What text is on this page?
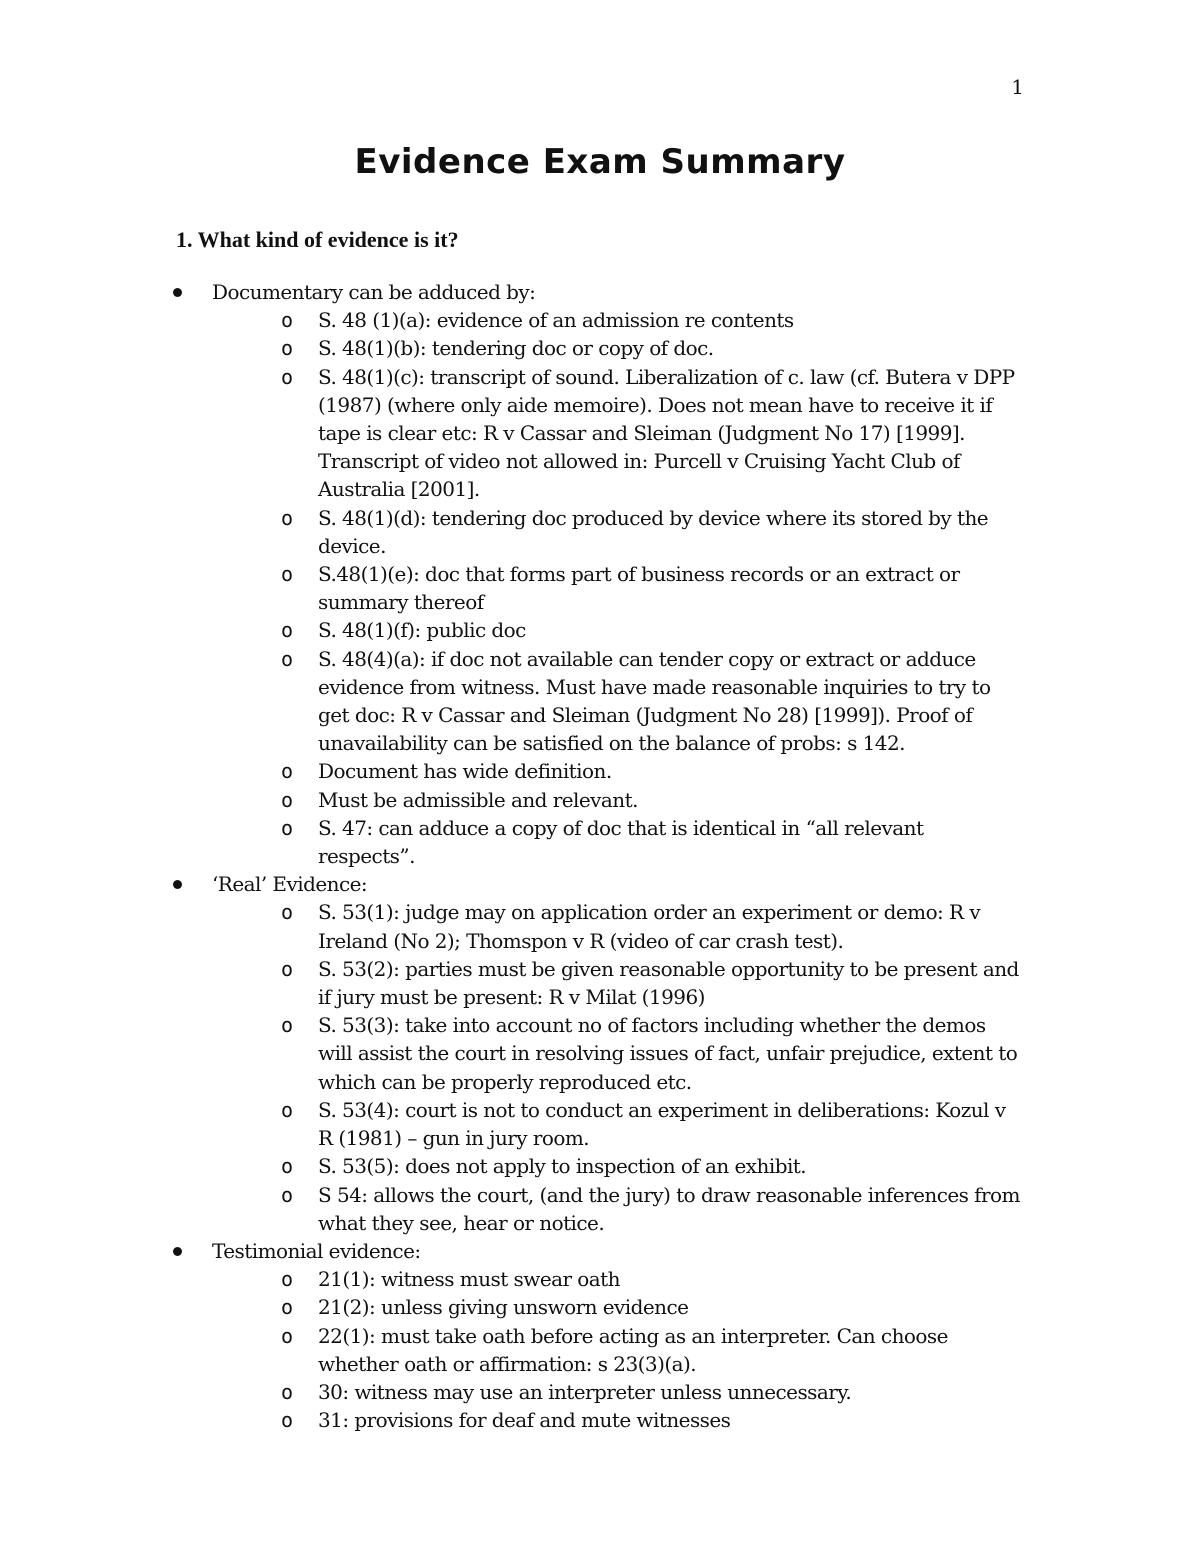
1
Evidence Exam Summary
1. What kind of evidence is it?
Documentary can be adduced by:
o S. 48 (1)(a): evidence of an admission re contents
o S. 48(1)(b): tendering doc or copy of doc.
o S. 48(1)(c): transcript of sound. Liberalization of c. law (cf. Butera v DPP (1987) (where only aide memoire). Does not mean have to receive it if tape is clear etc: R v Cassar and Sleiman (Judgment No 17) [1999]. Transcript of video not allowed in: Purcell v Cruising Yacht Club of Australia [2001].
o S. 48(1)(d): tendering doc produced by device where its stored by the device.
o S.48(1)(e): doc that forms part of business records or an extract or summary thereof
o S. 48(1)(f): public doc
o S. 48(4)(a): if doc not available can tender copy or extract or adduce evidence from witness. Must have made reasonable inquiries to try to get doc: R v Cassar and Sleiman (Judgment No 28) [1999]). Proof of unavailability can be satisfied on the balance of probs: s 142.
o Document has wide definition.
o Must be admissible and relevant.
o S. 47: can adduce a copy of doc that is identical in “all relevant respects”.
‘Real’ Evidence:
o S. 53(1): judge may on application order an experiment or demo: R v Ireland (No 2); Thomspon v R (video of car crash test).
o S. 53(2): parties must be given reasonable opportunity to be present and if jury must be present: R v Milat (1996)
o S. 53(3): take into account no of factors including whether the demos will assist the court in resolving issues of fact, unfair prejudice, extent to which can be properly reproduced etc.
o S. 53(4): court is not to conduct an experiment in deliberations: Kozul v R (1981) – gun in jury room.
o S. 53(5): does not apply to inspection of an exhibit.
o S 54: allows the court, (and the jury) to draw reasonable inferences from what they see, hear or notice.
Testimonial evidence:
o 21(1): witness must swear oath
o 21(2): unless giving unsworn evidence
o 22(1): must take oath before acting as an interpreter. Can choose whether oath or affirmation: s 23(3)(a).
o 30: witness may use an interpreter unless unnecessary.
o 31: provisions for deaf and mute witnesses
